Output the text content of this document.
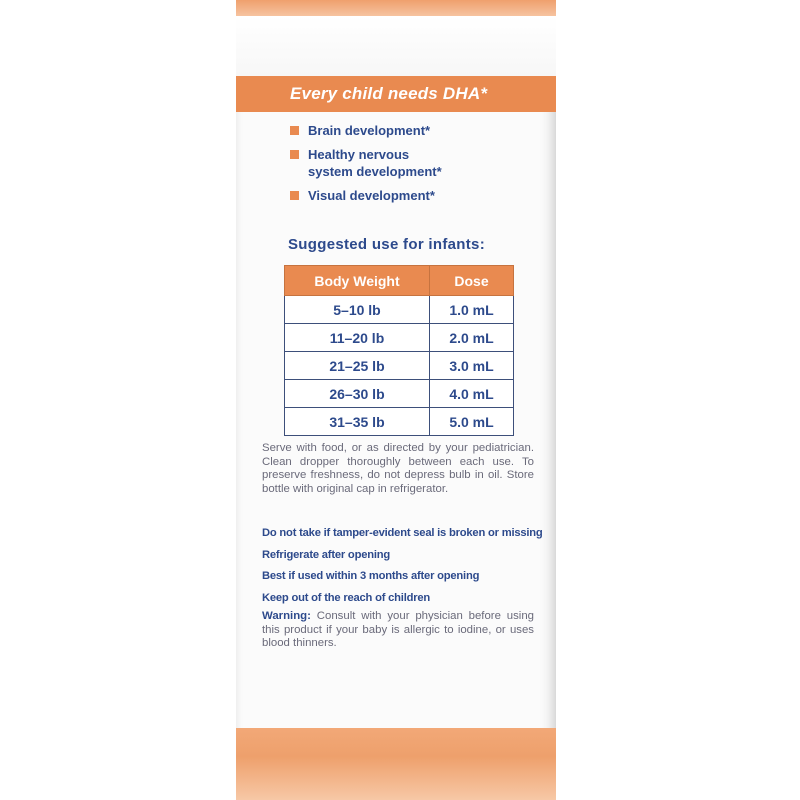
Every child needs DHA*
Brain development*
Healthy nervous system development*
Visual development*
Suggested use for infants:
Body Weight	Dose
5–10 lb	1.0 mL
11–20 lb	2.0 mL
21–25 lb	3.0 mL
26–30 lb	4.0 mL
31–35 lb	5.0 mL

Serve with food, or as directed by your pediatrician. Clean dropper thoroughly between each use. To preserve freshness, do not depress bulb in oil. Store bottle with original cap in refrigerator.

Do not take if tamper-evident seal is broken or missing
Refrigerate after opening
Best if used within 3 months after opening
Keep out of the reach of children

Warning: Consult with your physician before using this product if your baby is allergic to iodine, or uses blood thinners.
